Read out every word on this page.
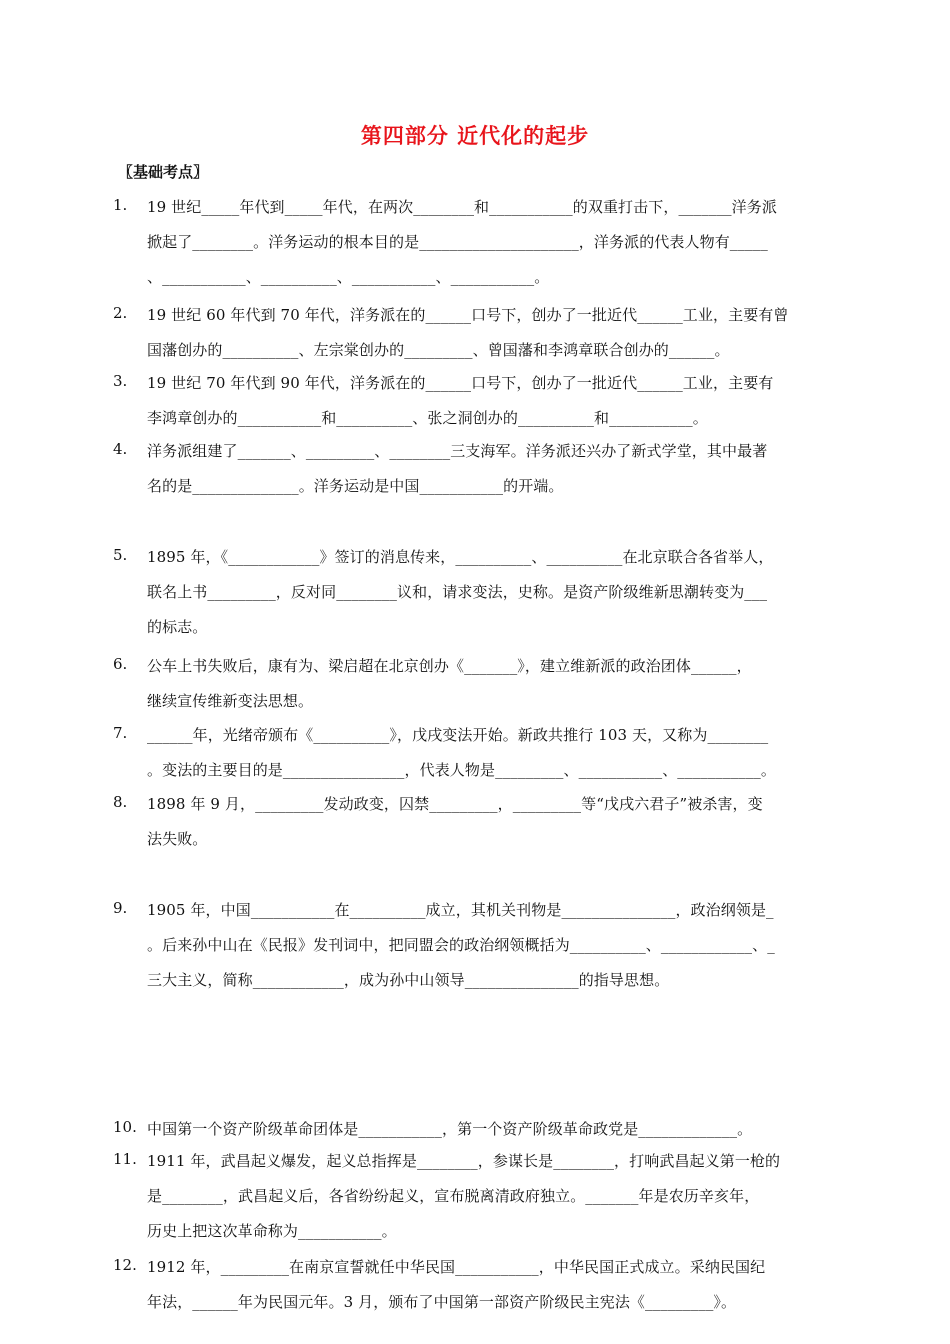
第四部分 近代化的起步
〖基础考点〗
1. 19 世纪_____年代到_____年代，在两次________和___________的双重打击下，_______洋务派
掀起了________。洋务运动的根本目的是_____________________，洋务派的代表人物有_____
、___________、__________、___________、___________。
2. 19 世纪 60 年代到 70 年代，洋务派在的______口号下，创办了一批近代______工业，主要有曾
国藩创办的__________、左宗棠创办的_________、曾国藩和李鸿章联合创办的______。
3. 19 世纪 70 年代到 90 年代，洋务派在的______口号下，创办了一批近代______工业，主要有
李鸿章创办的___________和__________、张之洞创办的__________和___________。
4. 洋务派组建了_______、_________、________三支海军。洋务派还兴办了新式学堂，其中最著
名的是______________。洋务运动是中国___________的开端。
5. 1895 年，《____________》签订的消息传来，__________、__________在北京联合各省举人，
联名上书_________，反对同________议和，请求变法，史称。是资产阶级维新思潮转变为___
的标志。
6. 公车上书失败后，康有为、梁启超在北京创办《_______》，建立维新派的政治团体______，
继续宣传维新变法思想。
7. ______年，光绪帝颁布《__________》，戊戌变法开始。新政共推行 103 天，又称为________
。变法的主要目的是________________，代表人物是_________、___________、___________。
8. 1898 年 9 月，_________发动政变，囚禁_________，_________等“戊戌六君子”被杀害，变
法失败。
9. 1905 年，中国___________在__________成立，其机关刊物是_______________，政治纲领是_
。后来孙中山在《民报》发刊词中，把同盟会的政治纲领概括为__________、____________、_
三大主义，简称____________，成为孙中山领导_______________的指导思想。
10. 中国第一个资产阶级革命团体是___________，第一个资产阶级革命政党是_____________。
11. 1911 年，武昌起义爆发，起义总指挥是________，参谋长是________，打响武昌起义第一枪的
是________，武昌起义后，各省纷纷起义，宣布脱离清政府独立。_______年是农历辛亥年，
历史上把这次革命称为___________。
12. 1912 年，_________在南京宣誓就任中华民国___________，中华民国正式成立。采纳民国纪
年法，______年为民国元年。3 月，颁布了中国第一部资产阶级民主宪法《_________》。
